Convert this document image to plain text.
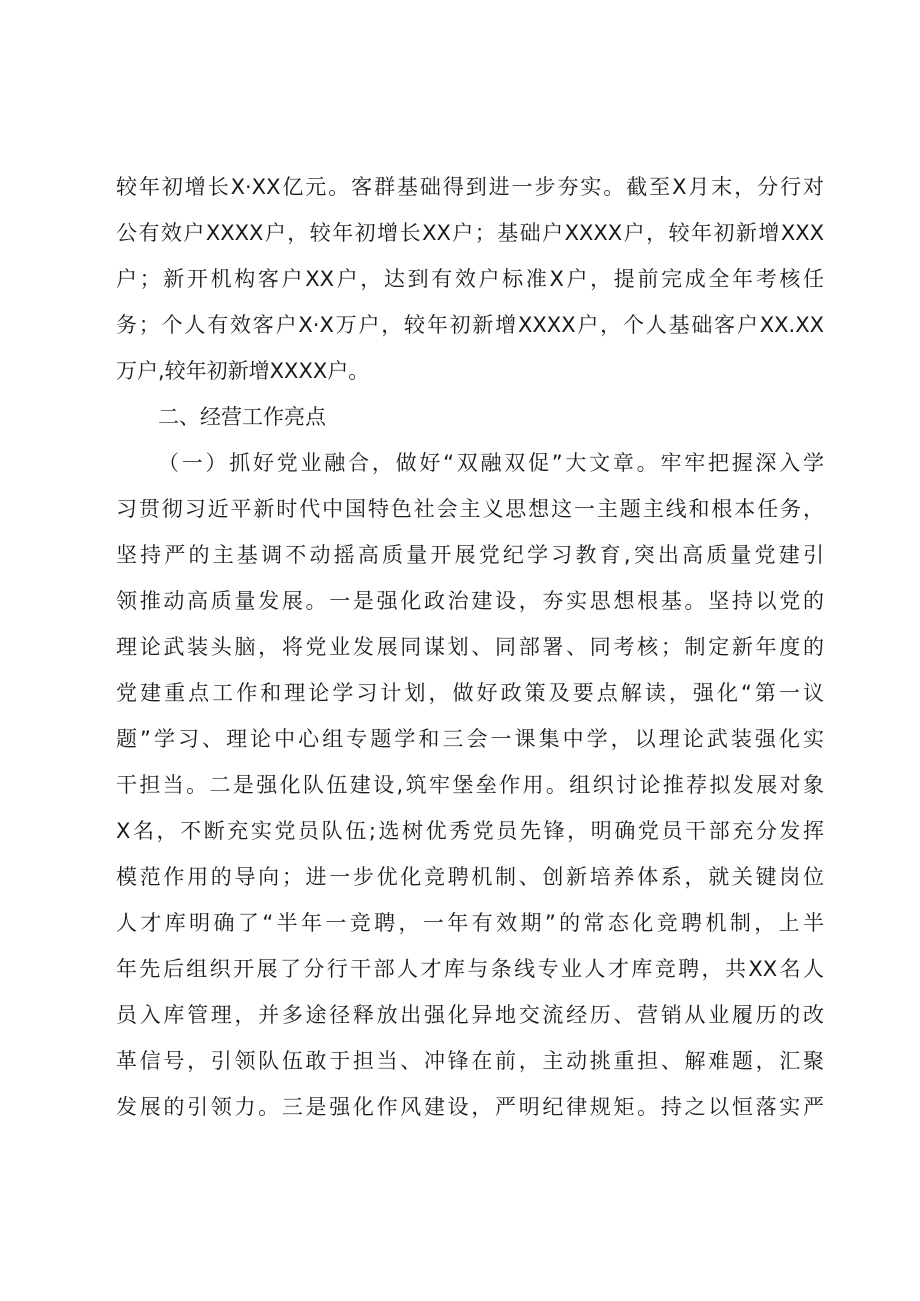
较年初增长X·XX亿元。客群基础得到进一步夯实。截至X月末，分行对
公有效户XXXX户，较年初增长XX户；基础户XXXX户，较年初新增XXX
户；新开机构客户XX户，达到有效户标准X户，提前完成全年考核任
务；个人有效客户X·X万户，较年初新增XXXX户，个人基础客户XX.XX
万户,较年初新增XXXX户。
二、经营工作亮点
（一）抓好党业融合，做好“双融双促”大文章。牢牢把握深入学
习贯彻习近平新时代中国特色社会主义思想这一主题主线和根本任务，
坚持严的主基调不动摇高质量开展党纪学习教育,突出高质量党建引
领推动高质量发展。一是强化政治建设，夯实思想根基。坚持以党的
理论武装头脑，将党业发展同谋划、同部署、同考核；制定新年度的
党建重点工作和理论学习计划，做好政策及要点解读，强化“第一议
题”学习、理论中心组专题学和三会一课集中学，以理论武装强化实
干担当。二是强化队伍建设,筑牢堡垒作用。组织讨论推荐拟发展对象
X名，不断充实党员队伍;选树优秀党员先锋，明确党员干部充分发挥
模范作用的导向；进一步优化竞聘机制、创新培养体系，就关键岗位
人才库明确了“半年一竞聘，一年有效期”的常态化竞聘机制，上半
年先后组织开展了分行干部人才库与条线专业人才库竞聘，共XX名人
员入库管理，并多途径释放出强化异地交流经历、营销从业履历的改
革信号，引领队伍敢于担当、冲锋在前，主动挑重担、解难题，汇聚
发展的引领力。三是强化作风建设，严明纪律规矩。持之以恒落实严
